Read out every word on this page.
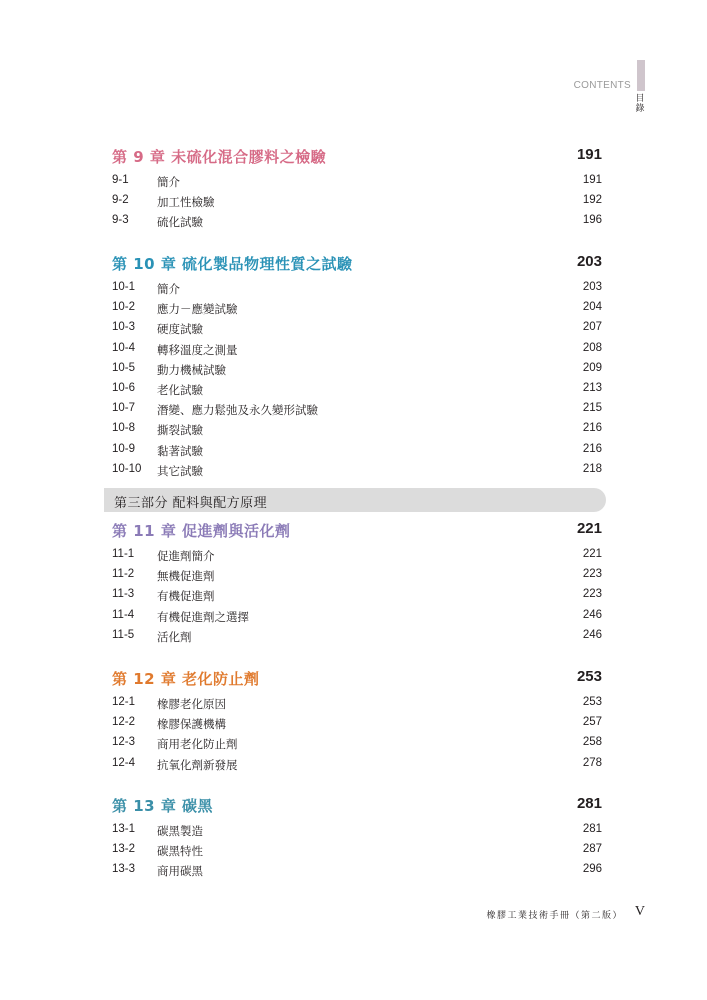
CONTENTS
目錄
第 9 章 未硫化混合膠料之檢驗	191
9-1 簡介	191
9-2 加工性檢驗	192
9-3 硫化試驗	196
第 10 章 硫化製品物理性質之試驗	203
10-1 簡介	203
10-2 應力－應變試驗	204
10-3 硬度試驗	207
10-4 轉移溫度之測量	208
10-5 動力機械試驗	209
10-6 老化試驗	213
10-7 潛變、應力鬆弛及永久變形試驗	215
10-8 撕裂試驗	216
10-9 黏著試驗	216
10-10 其它試驗	218
第三部分 配料與配方原理
第 11 章 促進劑與活化劑	221
11-1 促進劑簡介	221
11-2 無機促進劑	223
11-3 有機促進劑	223
11-4 有機促進劑之選擇	246
11-5 活化劑	246
第 12 章 老化防止劑	253
12-1 橡膠老化原因	253
12-2 橡膠保護機構	257
12-3 商用老化防止劑	258
12-4 抗氧化劑新發展	278
第 13 章 碳黑	281
13-1 碳黑製造	281
13-2 碳黑特性	287
13-3 商用碳黑	296
橡膠工業技術手冊（第二版） V
